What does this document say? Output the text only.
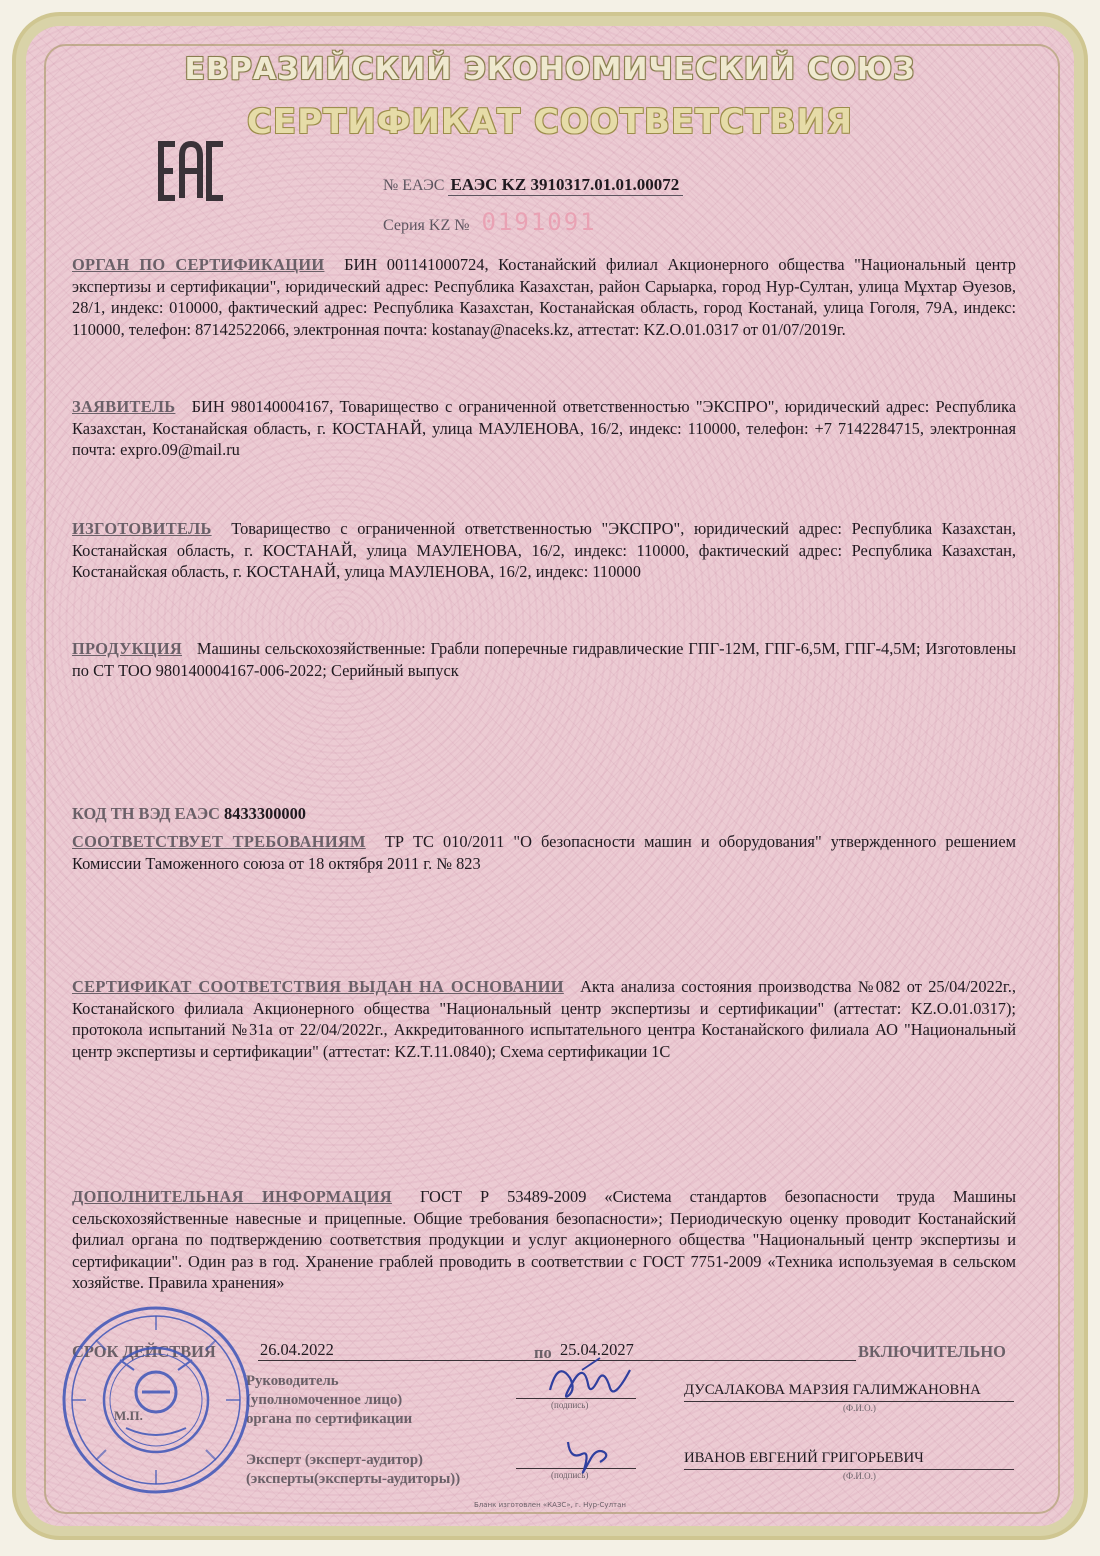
ЕВРАЗИЙСКИЙ ЭКОНОМИЧЕСКИЙ СОЮЗ
СЕРТИФИКАТ СООТВЕТСТВИЯ
№ ЕАЭС ЕАЭС KZ 3910317.01.01.00072
Серия KZ № 0191091
ОРГАН ПО СЕРТИФИКАЦИИ БИН 001141000724, Костанайский филиал Акционерного общества "Национальный центр экспертизы и сертификации", юридический адрес: Республика Казахстан, район Сарыарка, город Нур-Султан, улица Мұхтар Әуезов, 28/1, индекс: 010000, фактический адрес: Республика Казахстан, Костанайская область, город Костанай, улица Гоголя, 79А, индекс: 110000, телефон: 87142522066, электронная почта: kostanay@naceks.kz, аттестат: KZ.O.01.0317 от 01/07/2019г.
ЗАЯВИТЕЛЬ БИН 980140004167, Товарищество с ограниченной ответственностью "ЭКСПРО", юридический адрес: Республика Казахстан, Костанайская область, г. КОСТАНАЙ, улица МАУЛЕНОВА, 16/2, индекс: 110000, телефон: +7 7142284715, электронная почта: expro.09@mail.ru
ИЗГОТОВИТЕЛЬ Товарищество с ограниченной ответственностью "ЭКСПРО", юридический адрес: Республика Казахстан, Костанайская область, г. КОСТАНАЙ, улица МАУЛЕНОВА, 16/2, индекс: 110000, фактический адрес: Республика Казахстан, Костанайская область, г. КОСТАНАЙ, улица МАУЛЕНОВА, 16/2, индекс: 110000
ПРОДУКЦИЯ Машины сельскохозяйственные: Грабли поперечные гидравлические ГПГ-12М, ГПГ-6,5М, ГПГ-4,5М; Изготовлены по СТ ТОО 980140004167-006-2022; Серийный выпуск
КОД ТН ВЭД ЕАЭС 8433300000
СООТВЕТСТВУЕТ ТРЕБОВАНИЯМ ТР ТС 010/2011 "О безопасности машин и оборудования" утвержденного решением Комиссии Таможенного союза от 18 октября 2011 г. № 823
СЕРТИФИКАТ СООТВЕТСТВИЯ ВЫДАН НА ОСНОВАНИИ Акта анализа состояния производства №082 от 25/04/2022г., Костанайского филиала Акционерного общества "Национальный центр экспертизы и сертификации" (аттестат: KZ.O.01.0317); протокола испытаний №31а от 22/04/2022г., Аккредитованного испытательного центра Костанайского филиала АО "Национальный центр экспертизы и сертификации" (аттестат: KZ.T.11.0840); Схема сертификации 1С
ДОПОЛНИТЕЛЬНАЯ ИНФОРМАЦИЯ ГОСТ Р 53489-2009 «Система стандартов безопасности труда Машины сельскохозяйственные навесные и прицепные. Общие требования безопасности»; Периодическую оценку проводит Костанайский филиал органа по подтверждению соответствия продукции и услуг акционерного общества "Национальный центр экспертизы и сертификации". Один раз в год. Хранение граблей проводить в соответствии с ГОСТ 7751-2009 «Техника используемая в сельском хозяйстве. Правила хранения»
СРОК ДЕЙСТВИЯ	26.04.2022	по 25.04.2027	ВКЛЮЧИТЕЛЬНО
Руководитель
(уполномоченное лицо)
органа по сертификации
(подпись)
ДУСАЛАКОВА МАРЗИЯ ГАЛИМЖАНОВНА
(Ф.И.О.)
Эксперт (эксперт-аудитор)
(эксперты(эксперты-аудиторы))	(подпись)
ИВАНОВ ЕВГЕНИЙ ГРИГОРЬЕВИЧ
(Ф.И.О.)
М.П.
Бланк изготовлен «КАЗС», г. Нур-Султан
